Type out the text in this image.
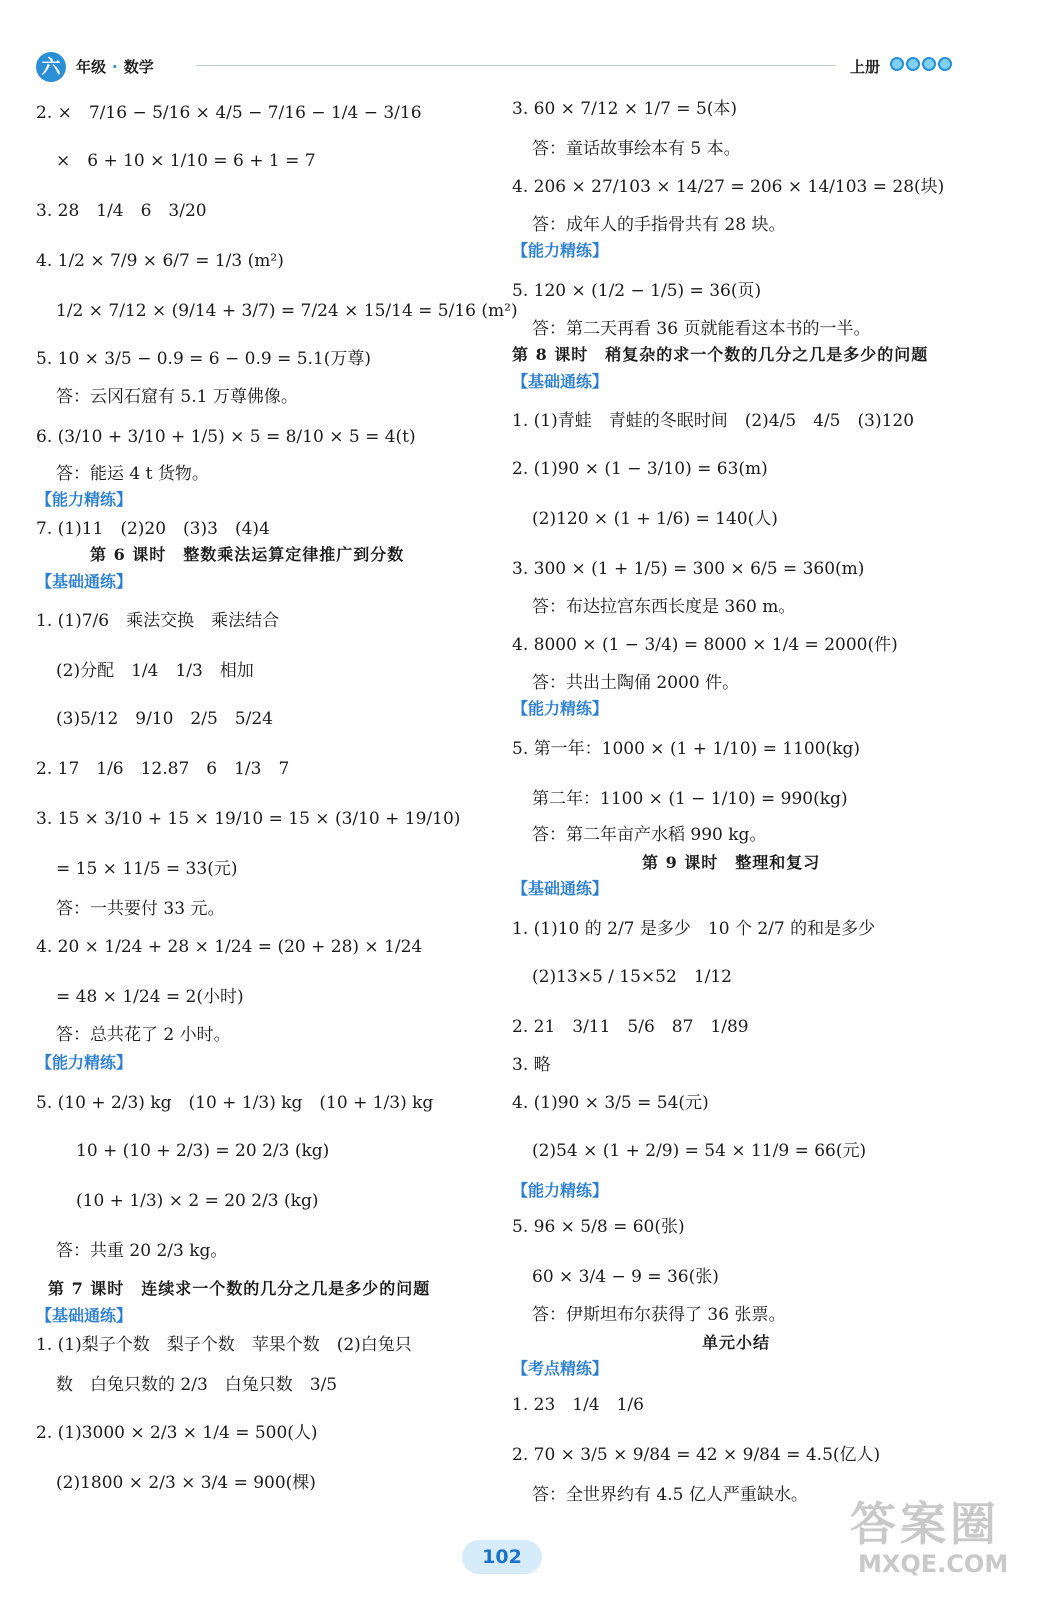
六	年级 · 数学	上册
2. ×　7/16 − 5/16 × 4/5 − 7/16 − 1/4 − 3/16
×　6 + 10 × 1/10 = 6 + 1 = 7
3. 28　1/4　6　3/20
4. 1/2 × 7/9 × 6/7 = 1/3 (m²)
1/2 × 7/12 × (9/14 + 3/7) = 7/24 × 15/14 = 5/16 (m²)
5. 10 × 3/5 − 0.9 = 6 − 0.9 = 5.1(万尊)
答：云冈石窟有 5.1 万尊佛像。
6. (3/10 + 3/10 + 1/5) × 5 = 8/10 × 5 = 4(t)
答：能运 4 t 货物。
【能力精练】
7. (1)11　(2)20　(3)3　(4)4
第 6 课时　整数乘法运算定律推广到分数
【基础通练】
1. (1)7/6　乘法交换　乘法结合
(2)分配　1/4　1/3　相加
(3)5/12　9/10　2/5　5/24
2. 17　1/6　12.87　6　1/3　7
3. 15 × 3/10 + 15 × 19/10 = 15 × (3/10 + 19/10)
= 15 × 11/5 = 33(元)
答：一共要付 33 元。
4. 20 × 1/24 + 28 × 1/24 = (20 + 28) × 1/24
= 48 × 1/24 = 2(小时)
答：总共花了 2 小时。
【能力精练】
5. (10 + 2/3) kg　(10 + 1/3) kg　(10 + 1/3) kg
10 + (10 + 2/3) = 20 2/3 (kg)
(10 + 1/3) × 2 = 20 2/3 (kg)
答：共重 20 2/3 kg。
第 7 课时　连续求一个数的几分之几是多少的问题
【基础通练】
1. (1)梨子个数　梨子个数　苹果个数　(2)白兔只
数　白兔只数的 2/3　白兔只数　3/5
2. (1)3000 × 2/3 × 1/4 = 500(人)
(2)1800 × 2/3 × 3/4 = 900(棵)
3. 60 × 7/12 × 1/7 = 5(本)
答：童话故事绘本有 5 本。
4. 206 × 27/103 × 14/27 = 206 × 14/103 = 28(块)
答：成年人的手指骨共有 28 块。
【能力精练】
5. 120 × (1/2 − 1/5) = 36(页)
答：第二天再看 36 页就能看这本书的一半。
第 8 课时　稍复杂的求一个数的几分之几是多少的问题
【基础通练】
1. (1)青蛙　青蛙的冬眠时间　(2)4/5　4/5　(3)120
2. (1)90 × (1 − 3/10) = 63(m)
(2)120 × (1 + 1/6) = 140(人)
3. 300 × (1 + 1/5) = 300 × 6/5 = 360(m)
答：布达拉宫东西长度是 360 m。
4. 8000 × (1 − 3/4) = 8000 × 1/4 = 2000(件)
答：共出土陶俑 2000 件。
【能力精练】
5. 第一年：1000 × (1 + 1/10) = 1100(kg)
第二年：1100 × (1 − 1/10) = 990(kg)
答：第二年亩产水稻 990 kg。
第 9 课时　整理和复习
【基础通练】
1. (1)10 的 2/7 是多少　10 个 2/7 的和是多少
(2)13×5 / 15×52　1/12
2. 21　3/11　5/6　87　1/89
3. 略
4. (1)90 × 3/5 = 54(元)
(2)54 × (1 + 2/9) = 54 × 11/9 = 66(元)
【能力精练】
5. 96 × 5/8 = 60(张)
60 × 3/4 − 9 = 36(张)
答：伊斯坦布尔获得了 36 张票。
单元小结
【考点精练】
1. 23　1/4　1/6
2. 70 × 3/5 × 9/84 = 42 × 9/84 = 4.5(亿人)
答：全世界约有 4.5 亿人严重缺水。
102
答案圈
MXQE.COM
